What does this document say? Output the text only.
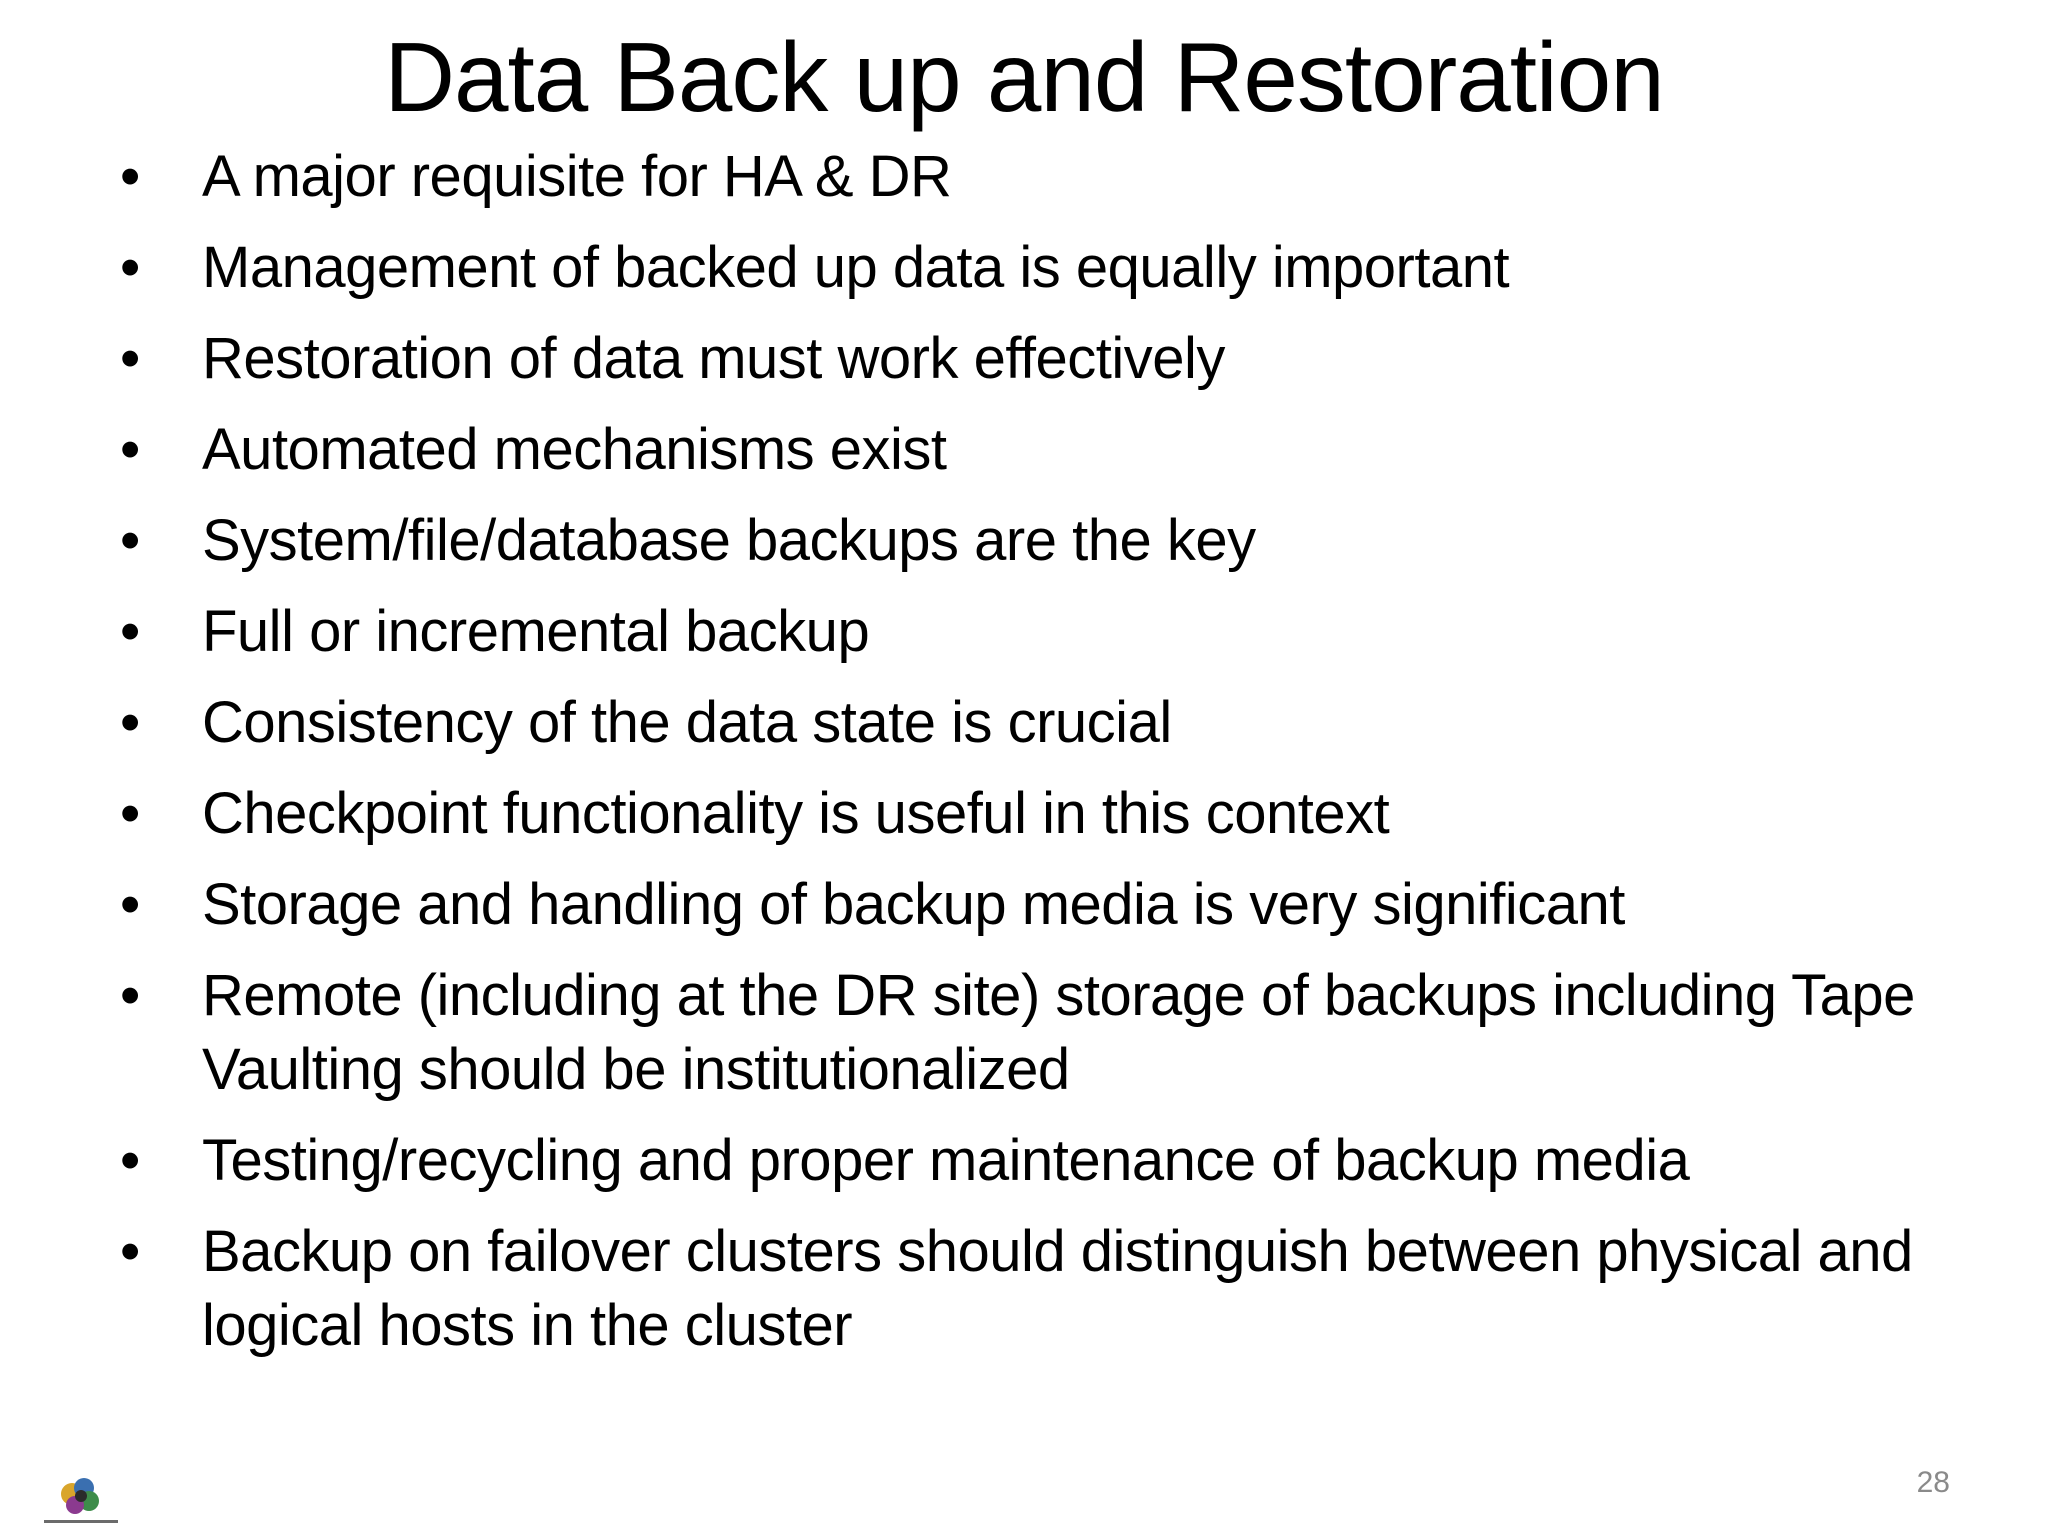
Data Back up and Restoration
•	A major requisite for HA & DR
•	Management of backed up data is equally important
•	Restoration of data must work effectively
•	Automated mechanisms exist
•	System/file/database backups are the key
•	Full or incremental backup
•	Consistency of the data state is crucial
•	Checkpoint functionality is useful in this context
•	Storage and handling of backup media is very significant
•	Remote (including at the DR site) storage of backups including Tape Vaulting should be institutionalized
•	Testing/recycling and proper maintenance of backup media
•	Backup on failover clusters should distinguish between physical and logical hosts in the cluster
28
